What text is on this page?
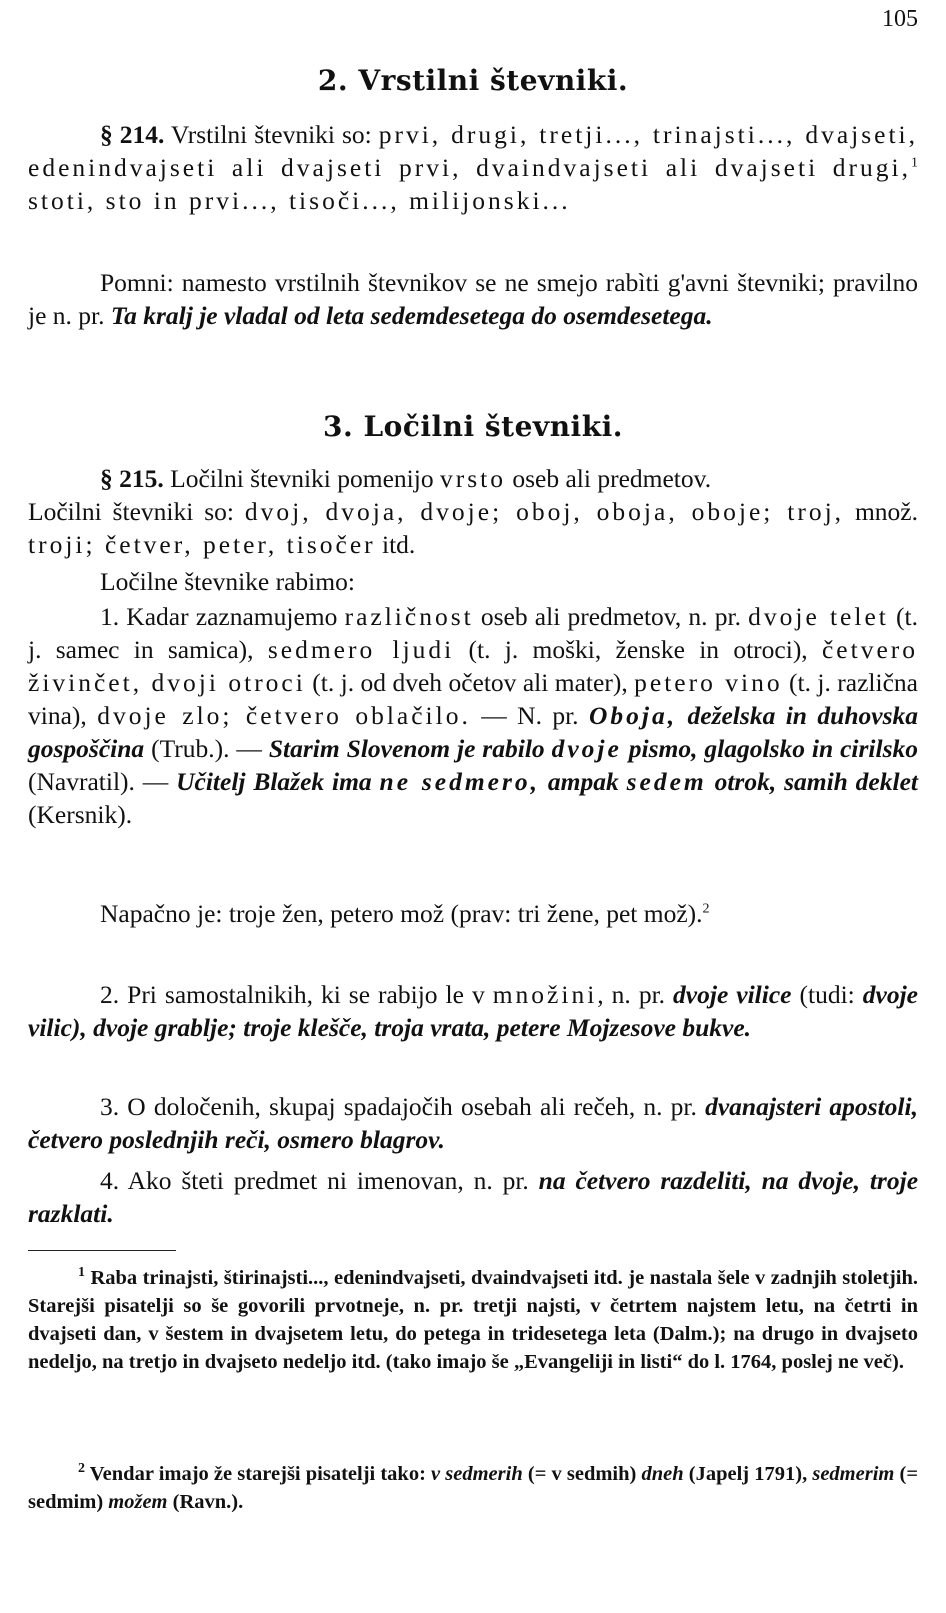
105
2. Vrstilni števniki.

§ 214. Vrstilni števniki so: prvi, drugi, tretji..., trinajsti..., dvajseti, edenindvajseti ali dvajseti prvi, dvaindvajseti ali dvajseti drugi,$^1$ stoti, sto in prvi..., tisoči..., milijonski...

Pomni: namesto vrstilnih števnikov se ne smejo rabìti g'avni števniki; pravilno je n. pr. Ta kralj je vladal od leta sedemdesetega do osemdesetega.

3. Ločilni števniki.

§ 215. Ločilni števniki pomenijo vrsto oseb ali predmetov.
Ločilni števniki so: dvoj, dvoja, dvoje; oboj, oboja, oboje; troj, množ. troji; četver, peter, tisočer itd.

Ločilne števnike rabimo:

1. Kadar zaznamujemo različnost oseb ali predmetov, n. pr. dvoje telet (t. j. samec in samica), sedmero ljudi (t. j. moški, ženske in otroci), četvero živinčet, dvoji otroci (t. j. od dveh očetov ali mater), petero vino (t. j. različna vina), dvoje zlo; četvero oblačilo. — N. pr. Oboja, deželska in duhovska gospoščina (Trub.). — Starim Slovenom je rabilo dvoje pismo, glagolsko in cirilsko (Navratil). — Učitelj Blažek ima ne sedmero, ampak sedem otrok, samih deklet (Kersnik).

Napačno je: troje žen, petero mož (prav: tri žene, pet mož).$^2$

2. Pri samostalnikih, ki se rabijo le v množini, n. pr. dvoje vilice (tudi: dvoje vilic), dvoje grablje; troje klešče, troja vrata, petere Mojzesove bukve.

3. O določenih, skupaj spadajočih osebah ali rečeh, n. pr. dvanajsteri apostoli, četvero poslednjih reči, osmero blagrov.

4. Ako šteti predmet ni imenovan, n. pr. na četvero razdeliti, na dvoje, troje razklati.

$^1$ Raba trinajsti, štirinajsti..., edenindvajseti, dvaindvajseti itd. je nastala šele v zadnjih stoletjih. Starejši pisatelji so še govorili prvotneje, n. pr. tretji najsti, v četrtem najstem letu, na četrti in dvajseti dan, v šestem in dvajsetem letu, do petega in tridesetega leta (Dalm.); na drugo in dvajseto nedeljo, na tretjo in dvajseto nedeljo itd. (tako imajo še „Evangeliji in listi“ do l. 1764, poslej ne več).

$^2$ Vendar imajo že starejši pisatelji tako: v sedmerih (= v sedmih) dneh (Japelj 1791), sedmerim (= sedmim) možem (Ravn.).
